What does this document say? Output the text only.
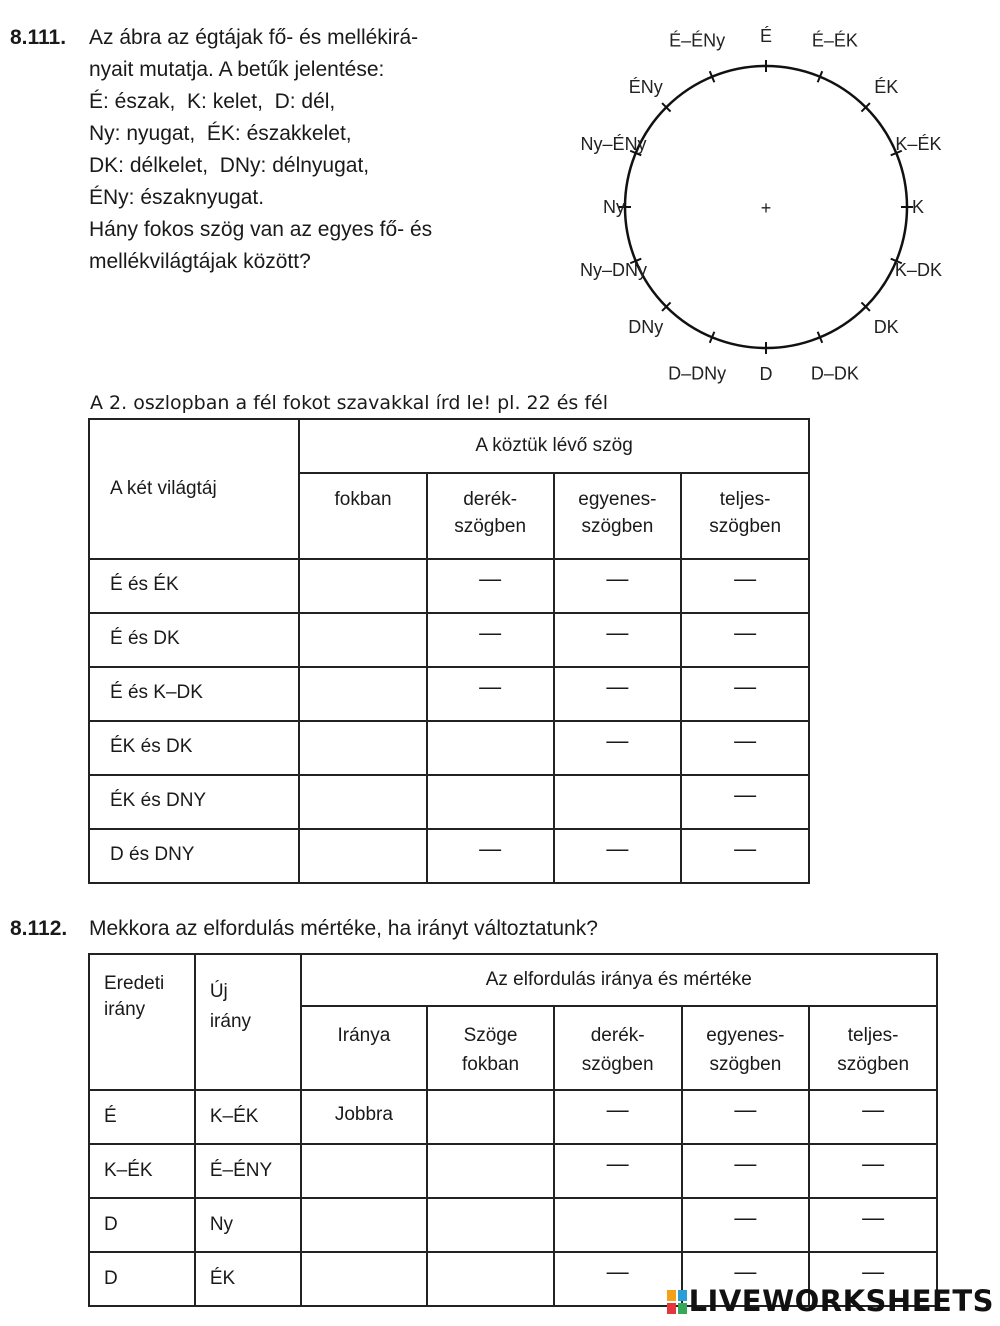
8.111. Az ábra az égtájak fő- és mellékirá-
nyait mutatja. A betűk jelentése:
É: észak,  K: kelet,  D: dél,
Ny: nyugat,  ÉK: északkelet,
DK: délkelet,  DNy: délnyugat,
ÉNy: északnyugat.
Hány fokos szög van az egyes fő- és
mellékvilágtájak között?
É É–ÉK
ÉK
K–ÉK
K
K–DK
DK
D–DK
D
D–DNy
DNy
Ny–DNy
Ny
Ny–ÉNy
ÉNy
É–ÉNy
+
A 2. oszlopban a fél fokot szavakkal írd le! pl. 22 és fél
A két világtáj	A köztük lévő szög			

	fokban	derék-
szögben	egyenes-
szögben	teljes-
szögben

É és ÉK		—	—	—

É és DK		—	—	—

É és K–DK		—	—	—

ÉK és DK			—	—

ÉK és DNY				—

D és DNY		—	—	—
8.112. Mekkora az elfordulás mértéke, ha irányt változtatunk?
Eredeti
irány	Új
irány	Az elfordulás iránya és mértéke				

		Iránya	Szöge
fokban	derék-
szögben	egyenes-
szögben	teljes-
szögben

É	K–ÉK	Jobbra		—	—	—

K–ÉK	É–ÉNY			—	—	—

D	Ny				—	—

D	ÉK			—	—	—
LIVEWORKSHEETS
